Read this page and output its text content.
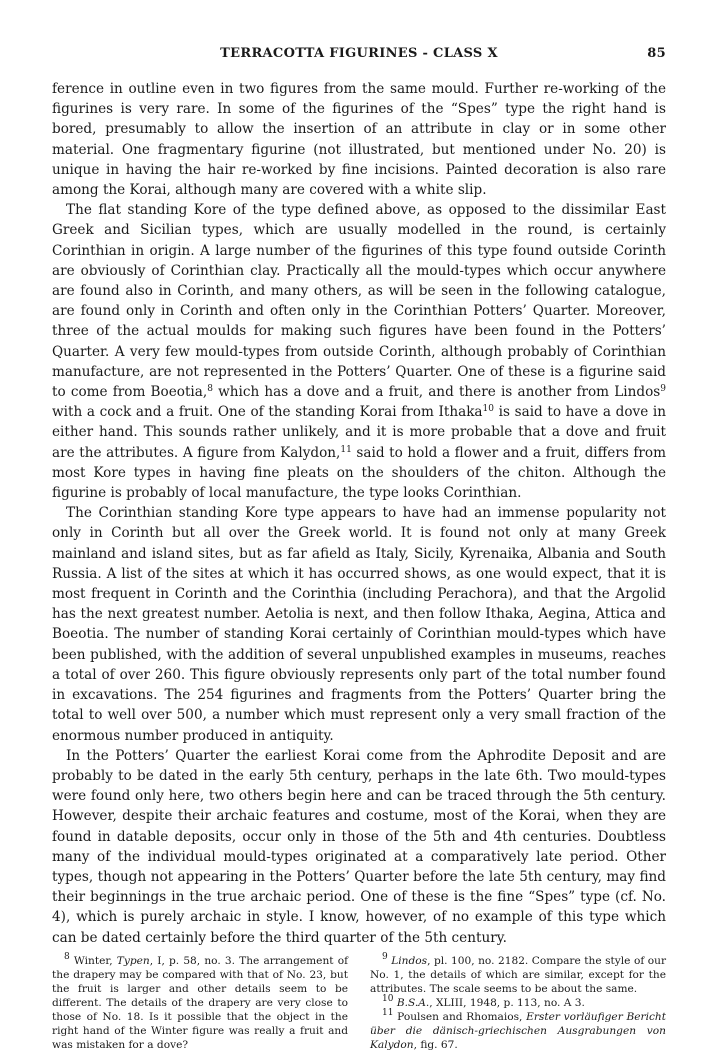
TERRACOTTA FIGURINES - CLASS X	85

ference in outline even in two figures from the same mould. Further re-working of the figurines is very rare. In some of the figurines of the “Spes” type the right hand is bored, presumably to allow the insertion of an attribute in clay or in some other material. One fragmentary figurine (not illustrated, but mentioned under No. 20) is unique in having the hair re-worked by fine incisions. Painted decoration is also rare among the Korai, although many are covered with a white slip.

The flat standing Kore of the type defined above, as opposed to the dissimilar East Greek and Sicilian types, which are usually modelled in the round, is certainly Corinthian in origin. A large number of the figurines of this type found outside Corinth are obviously of Corinthian clay. Practically all the mould-types which occur anywhere are found also in Corinth, and many others, as will be seen in the following catalogue, are found only in Corinth and often only in the Corinthian Potters’ Quarter. Moreover, three of the actual moulds for making such figures have been found in the Potters’ Quarter. A very few mould-types from outside Corinth, although probably of Corinthian manufacture, are not represented in the Potters’ Quarter. One of these is a figurine said to come from Boeotia,$^8$ which has a dove and a fruit, and there is another from Lindos$^9$ with a cock and a fruit. One of the standing Korai from Ithaka$^{10}$ is said to have a dove in either hand. This sounds rather unlikely, and it is more probable that a dove and fruit are the attributes. A figure from Kalydon,$^{11}$ said to hold a flower and a fruit, differs from most Kore types in having fine pleats on the shoulders of the chiton. Although the figurine is probably of local manufacture, the type looks Corinthian.

The Corinthian standing Kore type appears to have had an immense popularity not only in Corinth but all over the Greek world. It is found not only at many Greek mainland and island sites, but as far afield as Italy, Sicily, Kyrenaika, Albania and South Russia. A list of the sites at which it has occurred shows, as one would expect, that it is most frequent in Corinth and the Corinthia (including Perachora), and that the Argolid has the next greatest number. Aetolia is next, and then follow Ithaka, Aegina, Attica and Boeotia. The number of standing Korai certainly of Corinthian mould-types which have been published, with the addition of several unpublished examples in museums, reaches a total of over 260. This figure obviously represents only part of the total number found in excavations. The 254 figurines and fragments from the Potters’ Quarter bring the total to well over 500, a number which must represent only a very small fraction of the enormous number produced in antiquity.

In the Potters’ Quarter the earliest Korai come from the Aphrodite Deposit and are probably to be dated in the early 5th century, perhaps in the late 6th. Two mould-types were found only here, two others begin here and can be traced through the 5th century. However, despite their archaic features and costume, most of the Korai, when they are found in datable deposits, occur only in those of the 5th and 4th centuries. Doubtless many of the individual mould-types originated at a comparatively late period. Other types, though not appearing in the Potters’ Quarter before the late 5th century, may find their beginnings in the true archaic period. One of these is the fine “Spes” type (cf. No. 4), which is purely archaic in style. I know, however, of no example of this type which can be dated certainly before the third quarter of the 5th century.

$^8$ Winter, Typen, I, p. 58, no. 3. The arrangement of the drapery may be compared with that of No. 23, but the fruit is larger and other details seem to be different. The details of the drapery are very close to those of No. 18. Is it possible that the object in the right hand of the Winter figure was really a fruit and was mistaken for a dove?

$^9$ Lindos, pl. 100, no. 2182. Compare the style of our No. 1, the details of which are similar, except for the attributes. The scale seems to be about the same.

$^{10}$ B.S.A., XLIII, 1948, p. 113, no. A 3.

$^{11}$ Poulsen and Rhomaios, Erster vorläufiger Bericht über die dänisch-griechischen Ausgrabungen von Kalydon, fig. 67.
